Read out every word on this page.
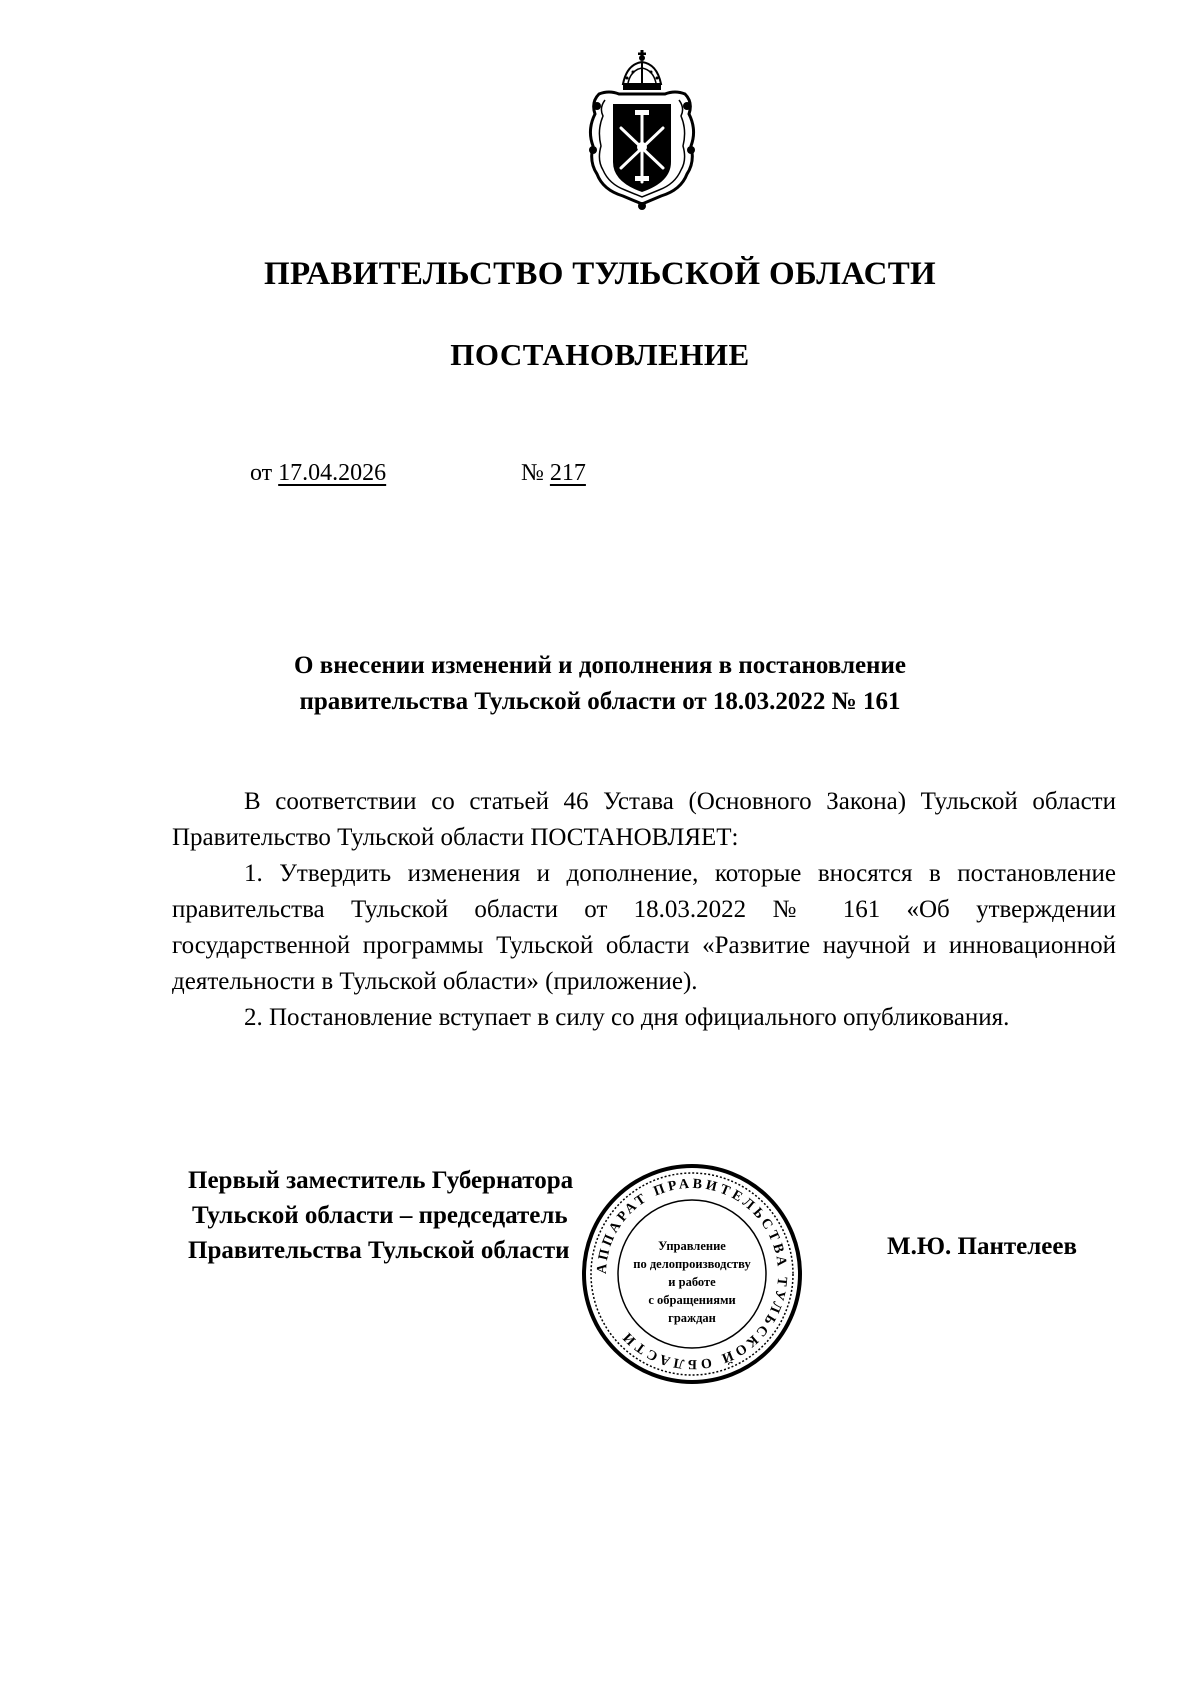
ПРАВИТЕЛЬСТВО ТУЛЬСКОЙ ОБЛАСТИ
ПОСТАНОВЛЕНИЕ
от 17.04.2026	№ 217
О внесении изменений и дополнения в постановление
правительства Тульской области от 18.03.2022 № 161

В соответствии со статьей 46 Устава (Основного Закона) Тульской области Правительство Тульской области ПОСТАНОВЛЯЕТ:

1. Утвердить изменения и дополнение, которые вносятся в постановление правительства Тульской области от 18.03.2022 № 161 «Об утверждении государственной программы Тульской области «Развитие научной и инновационной деятельности в Тульской области» (приложение).

2. Постановление вступает в силу со дня официального опубликования.

Первый заместитель Губернатора
Тульской области – председатель
Правительства Тульской области	М.Ю. Пантелеев
АППАРАТ ПРАВИТЕЛЬСТВА ТУЛЬСКОЙ ОБЛАСТИ
Управление
по делопроизводству
и работе
с обращениями
граждан
